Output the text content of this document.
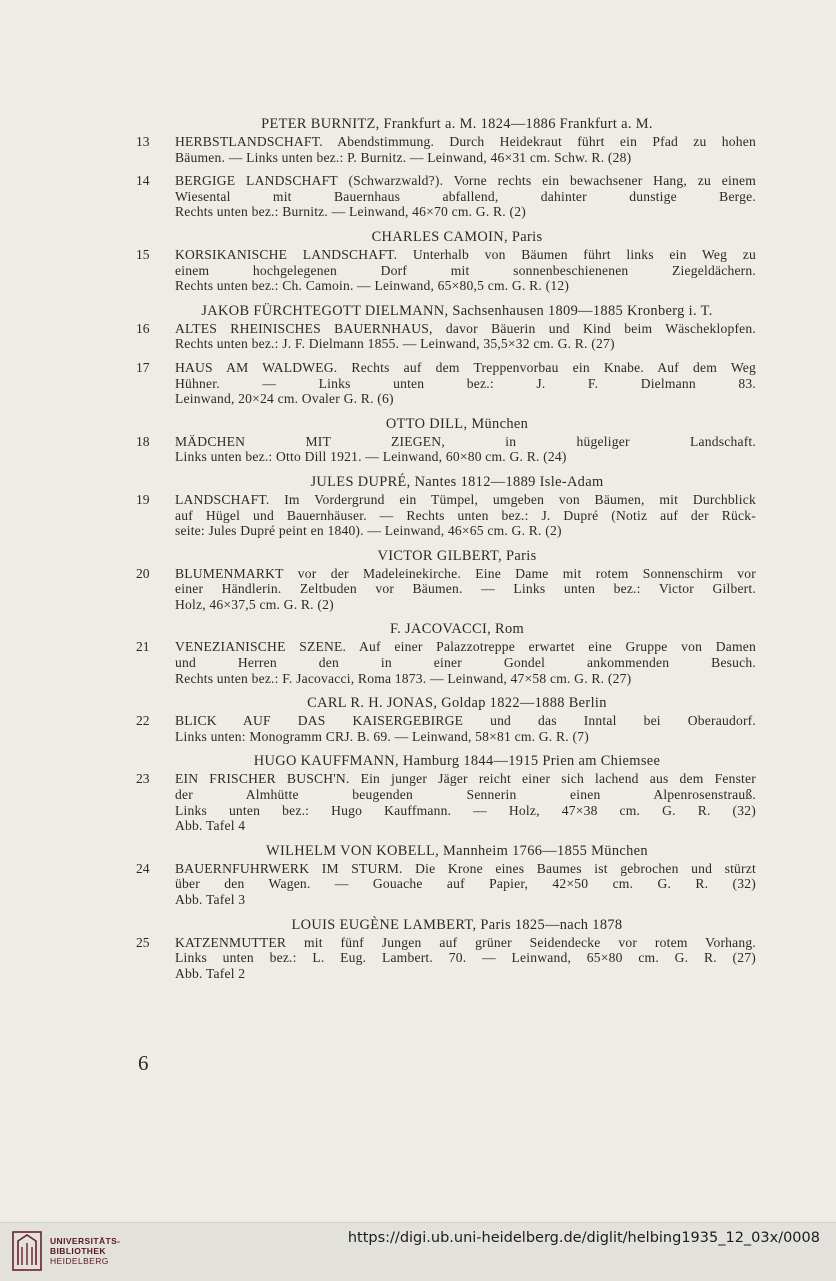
PETER BURNITZ, Frankfurt a. M. 1824—1886 Frankfurt a. M.
13	HERBSTLANDSCHAFT. Abendstimmung. Durch Heidekraut führt ein Pfad zu hohen
Bäumen. — Links unten bez.: P. Burnitz. — Leinwand, 46×31 cm. Schw. R. (28)
14	BERGIGE LANDSCHAFT (Schwarzwald?). Vorne rechts ein bewachsener Hang, zu einem
Wiesental mit Bauernhaus abfallend, dahinter dunstige Berge.
Rechts unten bez.: Burnitz. — Leinwand, 46×70 cm. G. R. (2)
CHARLES CAMOIN, Paris
15	KORSIKANISCHE LANDSCHAFT. Unterhalb von Bäumen führt links ein Weg zu
einem hochgelegenen Dorf mit sonnenbeschienenen Ziegeldächern.
Rechts unten bez.: Ch. Camoin. — Leinwand, 65×80,5 cm. G. R. (12)
JAKOB FÜRCHTEGOTT DIELMANN, Sachsenhausen 1809—1885 Kronberg i. T.
16	ALTES RHEINISCHES BAUERNHAUS, davor Bäuerin und Kind beim Wäscheklopfen.
Rechts unten bez.: J. F. Dielmann 1855. — Leinwand, 35,5×32 cm. G. R. (27)
17	HAUS AM WALDWEG. Rechts auf dem Treppenvorbau ein Knabe. Auf dem Weg
Hühner. — Links unten bez.: J. F. Dielmann 83.
Leinwand, 20×24 cm. Ovaler G. R. (6)
OTTO DILL, München
18	MÄDCHEN MIT ZIEGEN, in hügeliger Landschaft.
Links unten bez.: Otto Dill 1921. — Leinwand, 60×80 cm. G. R. (24)
JULES DUPRÉ, Nantes 1812—1889 Isle-Adam
19	LANDSCHAFT. Im Vordergrund ein Tümpel, umgeben von Bäumen, mit Durchblick
auf Hügel und Bauernhäuser. — Rechts unten bez.: J. Dupré (Notiz auf der Rück-
seite: Jules Dupré peint en 1840). — Leinwand, 46×65 cm. G. R. (2)
VICTOR GILBERT, Paris
20	BLUMENMARKT vor der Madeleinekirche. Eine Dame mit rotem Sonnenschirm vor
einer Händlerin. Zeltbuden vor Bäumen. — Links unten bez.: Victor Gilbert.
Holz, 46×37,5 cm. G. R. (2)
F. JACOVACCI, Rom
21	VENEZIANISCHE SZENE. Auf einer Palazzotreppe erwartet eine Gruppe von Damen
und Herren den in einer Gondel ankommenden Besuch.
Rechts unten bez.: F. Jacovacci, Roma 1873. — Leinwand, 47×58 cm. G. R. (27)
CARL R. H. JONAS, Goldap 1822—1888 Berlin
22	BLICK AUF DAS KAISERGEBIRGE und das Inntal bei Oberaudorf.
Links unten: Monogramm CRJ. B. 69. — Leinwand, 58×81 cm. G. R. (7)
HUGO KAUFFMANN, Hamburg 1844—1915 Prien am Chiemsee
23	EIN FRISCHER BUSCH'N. Ein junger Jäger reicht einer sich lachend aus dem Fenster
der Almhütte beugenden Sennerin einen Alpenrosenstrauß.
Links unten bez.: Hugo Kauffmann. — Holz, 47×38 cm. G. R. (32)
Abb. Tafel 4
WILHELM VON KOBELL, Mannheim 1766—1855 München
24	BAUERNFUHRWERK IM STURM. Die Krone eines Baumes ist gebrochen und stürzt
über den Wagen. — Gouache auf Papier, 42×50 cm. G. R. (32)
Abb. Tafel 3
LOUIS EUGÈNE LAMBERT, Paris 1825—nach 1878
25	KATZENMUTTER mit fünf Jungen auf grüner Seidendecke vor rotem Vorhang.
Links unten bez.: L. Eug. Lambert. 70. — Leinwand, 65×80 cm. G. R. (27)
Abb. Tafel 2
6
UNIVERSITÄTS-
BIBLIOTHEK
HEIDELBERG
https://digi.ub.uni-heidelberg.de/diglit/helbing1935_12_03x/0008
